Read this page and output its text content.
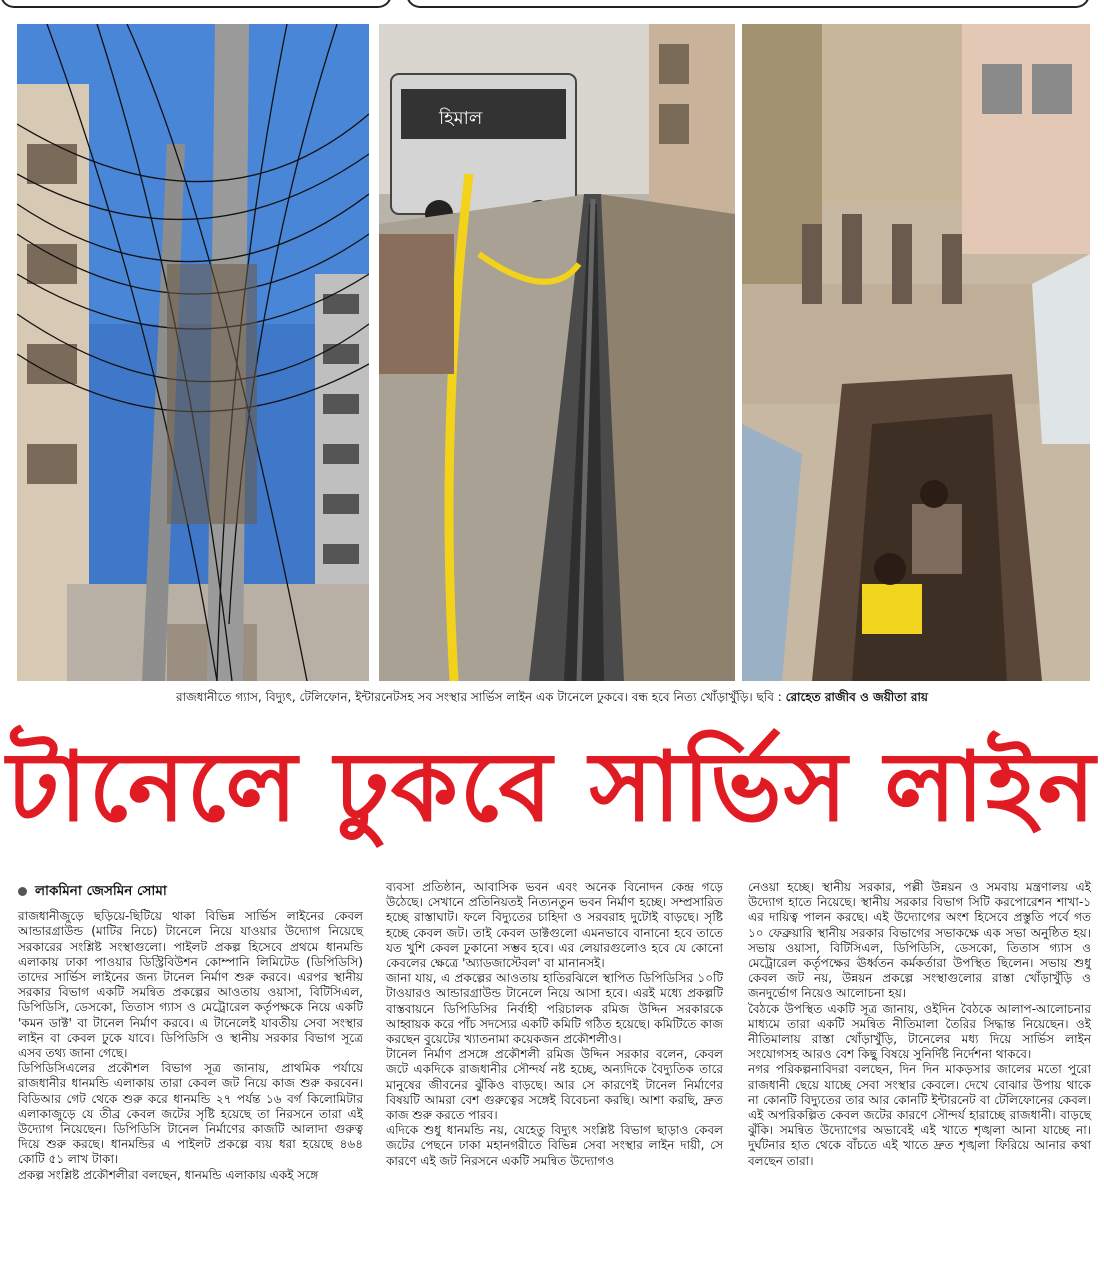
হিমাল
রাজধানীতে গ্যাস, বিদ্যুৎ, টেলিফোন, ইন্টারনেটসহ সব সংস্থার সার্ভিস লাইন এক টানেলে ঢুকবে। বন্ধ হবে নিত্য খোঁড়াখুঁড়ি। ছবি : রোহেত রাজীব ও জয়ীতা রায়
টানেলে ঢুকবে সার্ভিস লাইন

লাকমিনা জেসমিন সোমা

রাজধানীজুড়ে ছড়িয়ে-ছিটিয়ে থাকা বিভিন্ন সার্ভিস লাইনের কেবল আন্ডারগ্রাউন্ড (মাটির নিচে) টানেলে নিয়ে যাওয়ার উদ্যোগ নিয়েছে সরকারের সংশ্লিষ্ট সংস্থাগুলো। পাইলট প্রকল্প হিসেবে প্রথমে ধানমন্ডি এলাকায় ঢাকা পাওয়ার ডিস্ট্রিবিউশন কোম্পানি লিমিটেড (ডিপিডিসি) তাদের সার্ভিস লাইনের জন্য টানেল নির্মাণ শুরু করবে। এরপর স্থানীয় সরকার বিভাগ একটি সমন্বিত প্রকল্পের আওতায় ওয়াসা, বিটিসিএল, ডিপিডিসি, ডেসকো, তিতাস গ্যাস ও মেট্রোরেল কর্তৃপক্ষকে নিয়ে একটি 'কমন ডাক্ট' বা টানেল নির্মাণ করবে। এ টানেলেই যাবতীয় সেবা সংস্থার লাইন বা কেবল ঢুকে যাবে। ডিপিডিসি ও স্থানীয় সরকার বিভাগ সূত্রে এসব তথ্য জানা গেছে।

ডিপিডিসিএলের প্রকৌশল বিভাগ সূত্র জানায়, প্রাথমিক পর্যায়ে রাজধানীর ধানমন্ডি এলাকায় তারা কেবল জট নিয়ে কাজ শুরু করবেন। বিডিআর গেট থেকে শুরু করে ধানমন্ডি ২৭ পর্যন্ত ১৬ বর্গ কিলোমিটার এলাকাজুড়ে যে তীব্র কেবল জটের সৃষ্টি হয়েছে তা নিরসনে তারা এই উদ্যোগ নিয়েছেন। ডিপিডিসি টানেল নির্মাণের কাজটি আলাদা গুরুত্ব দিয়ে শুরু করছে। ধানমন্ডির এ পাইলট প্রকল্পে ব্যয় ধরা হয়েছে ৪৬৪ কোটি ৫১ লাখ টাকা।

প্রকল্প সংশ্লিষ্ট প্রকৌশলীরা বলছেন, ধানমন্ডি এলাকায় একই সঙ্গে

ব্যবসা প্রতিষ্ঠান, আবাসিক ভবন এবং অনেক বিনোদন কেন্দ্র গড়ে উঠেছে। সেখানে প্রতিনিয়তই নিত্যনতুন ভবন নির্মাণ হচ্ছে। সম্প্রসারিত হচ্ছে রাস্তাঘাট। ফলে বিদ্যুতের চাহিদা ও সরবরাহ দুটোই বাড়ছে। সৃষ্টি হচ্ছে কেবল জট। তাই কেবল ডাক্টগুলো এমনভাবে বানানো হবে তাতে যত খুশি কেবল ঢুকানো সম্ভব হবে। এর লেয়ারগুলোও হবে যে কোনো কেবলের ক্ষেত্রে 'অ্যাডজাস্টেবল' বা মানানসই।

জানা যায়, এ প্রকল্পের আওতায় হাতিরঝিলে স্থাপিত ডিপিডিসির ১০টি টাওয়ারও আন্ডারগ্রাউন্ড টানেলে নিয়ে আসা হবে। এরই মধ্যে প্রকল্পটি বাস্তবায়নে ডিপিডিসির নির্বাহী পরিচালক রমিজ উদ্দিন সরকারকে আহ্বায়ক করে পাঁচ সদস্যের একটি কমিটি গঠিত হয়েছে। কমিটিতে কাজ করছেন বুয়েটের খ্যাতনামা কয়েকজন প্রকৌশলীও।

টানেল নির্মাণ প্রসঙ্গে প্রকৌশলী রমিজ উদ্দিন সরকার বলেন, কেবল জটে একদিকে রাজধানীর সৌন্দর্য নষ্ট হচ্ছে, অন্যদিকে বৈদ্যুতিক তারে মানুষের জীবনের ঝুঁকিও বাড়ছে। আর সে কারণেই টানেল নির্মাণের বিষয়টি আমরা বেশ গুরুত্বের সঙ্গেই বিবেচনা করছি। আশা করছি, দ্রুত কাজ শুরু করতে পারব।

এদিকে শুধু ধানমন্ডি নয়, যেহেতু বিদ্যুৎ সংশ্লিষ্ট বিভাগ ছাড়াও কেবল জটের পেছনে ঢাকা মহানগরীতে বিভিন্ন সেবা সংস্থার লাইন দায়ী, সে কারণে এই জট নিরসনে একটি সমন্বিত উদ্যোগও

নেওয়া হচ্ছে। স্থানীয় সরকার, পল্লী উন্নয়ন ও সমবায় মন্ত্রণালয় এই উদ্যোগ হাতে নিয়েছে। স্থানীয় সরকার বিভাগ সিটি করপোরেশন শাখা-১ এর দায়িত্ব পালন করছে। এই উদ্যোগের অংশ হিসেবে প্রস্তুতি পর্বে গত ১০ ফেব্রুয়ারি স্থানীয় সরকার বিভাগের সভাকক্ষে এক সভা অনুষ্ঠিত হয়। সভায় ওয়াসা, বিটিসিএল, ডিপিডিসি, ডেসকো, তিতাস গ্যাস ও মেট্রোরেল কর্তৃপক্ষের ঊর্ধ্বতন কর্মকর্তারা উপস্থিত ছিলেন। সভায় শুধু কেবল জট নয়, উন্নয়ন প্রকল্পে সংস্থাগুলোর রাস্তা খোঁড়াখুঁড়ি ও জনদুর্ভোগ নিয়েও আলোচনা হয়।

বৈঠকে উপস্থিত একটি সূত্র জানায়, ওইদিন বৈঠকে আলাপ-আলোচনার মাধ্যমে তারা একটি সমন্বিত নীতিমালা তৈরির সিদ্ধান্ত নিয়েছেন। ওই নীতিমালায় রাস্তা খোঁড়াখুঁড়ি, টানেলের মধ্য দিয়ে সার্ভিস লাইন সংযোগসহ আরও বেশ কিছু বিষয়ে সুনির্দিষ্ট নির্দেশনা থাকবে।

নগর পরিকল্পনাবিদরা বলছেন, দিন দিন মাকড়সার জালের মতো পুরো রাজধানী ছেয়ে যাচ্ছে সেবা সংস্থার কেবলে। দেখে বোঝার উপায় থাকে না কোনটি বিদ্যুতের তার আর কোনটি ইন্টারনেট বা টেলিফোনের কেবল। এই অপরিকল্পিত কেবল জটের কারণে সৌন্দর্য হারাচ্ছে রাজধানী। বাড়ছে ঝুঁকি। সমন্বিত উদ্যোগের অভাবেই এই খাতে শৃঙ্খলা আনা যাচ্ছে না। দুর্ঘটনার হাত থেকে বাঁচতে এই খাতে দ্রুত শৃঙ্খলা ফিরিয়ে আনার কথা বলছেন তারা।
